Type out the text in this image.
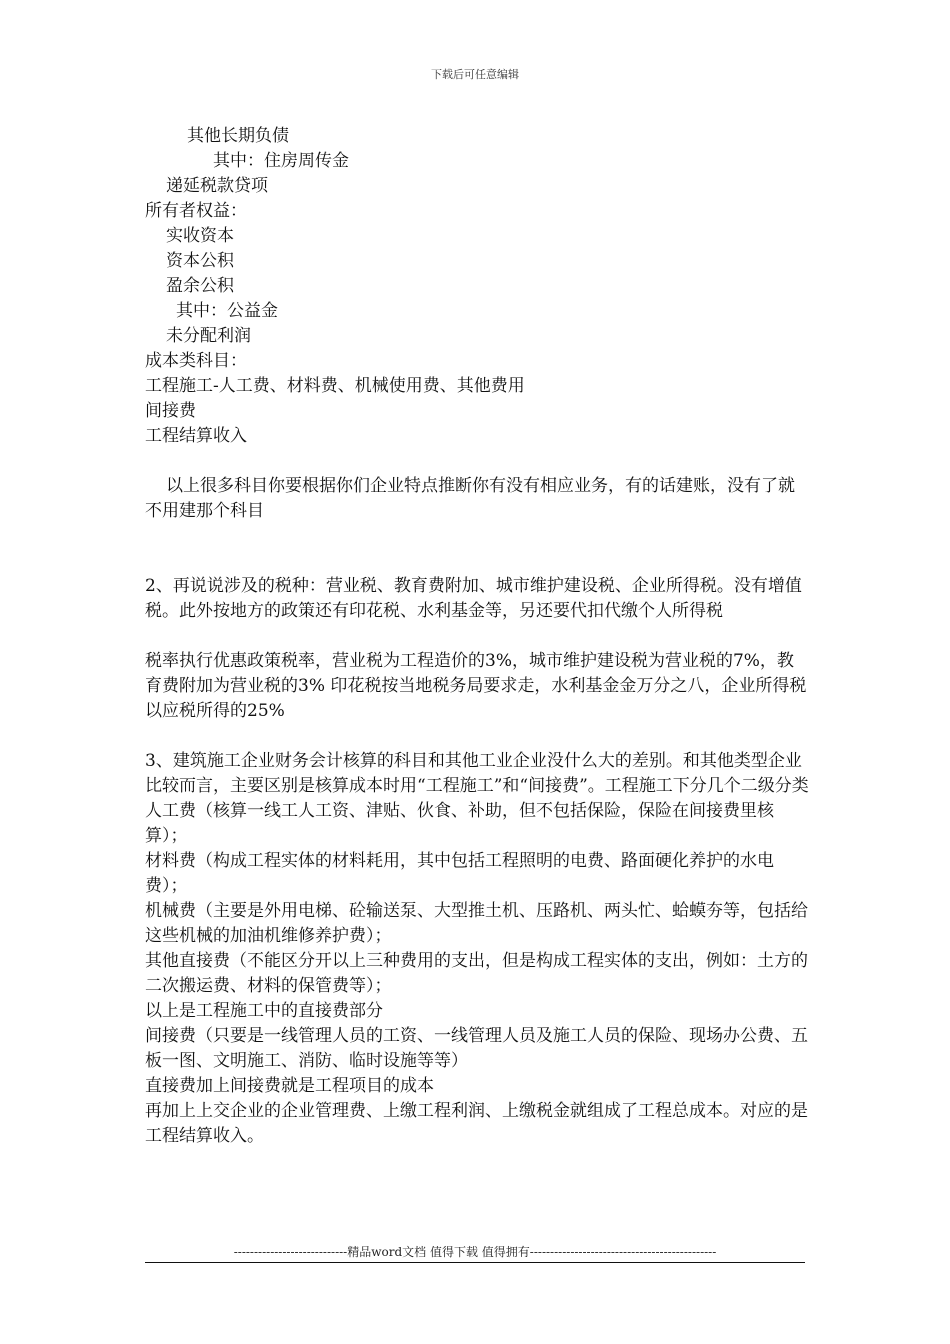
下载后可任意编辑

其他长期负债

其中：住房周传金

递延税款贷项

所有者权益：

实收资本

资本公积

盈余公积

其中：公益金

未分配利润

成本类科目：

工程施工-人工费、材料费、机械使用费、其他费用

间接费

工程结算收入

以上很多科目你要根据你们企业特点推断你有没有相应业务，有的话建账，没有了就不用建那个科目

2、再说说涉及的税种：营业税、教育费附加、城市维护建设税、企业所得税。没有增值税。此外按地方的政策还有印花税、水利基金等，另还要代扣代缴个人所得税

税率执行优惠政策税率，营业税为工程造价的3%，城市维护建设税为营业税的7%，教育费附加为营业税的3% 印花税按当地税务局要求走，水利基金金万分之八，企业所得税以应税所得的25%

3、建筑施工企业财务会计核算的科目和其他工业企业没什么大的差别。和其他类型企业比较而言，主要区别是核算成本时用“工程施工”和“间接费”。工程施工下分几个二级分类

人工费（核算一线工人工资、津贴、伙食、补助，但不包括保险，保险在间接费里核算）；

材料费（构成工程实体的材料耗用，其中包括工程照明的电费、路面硬化养护的水电费）；

机械费（主要是外用电梯、砼输送泵、大型推土机、压路机、两头忙、蛤蟆夯等，包括给这些机械的加油机维修养护费）；

其他直接费（不能区分开以上三种费用的支出，但是构成工程实体的支出，例如：土方的二次搬运费、材料的保管费等）；

以上是工程施工中的直接费部分

间接费（只要是一线管理人员的工资、一线管理人员及施工人员的保险、现场办公费、五板一图、文明施工、消防、临时设施等等）

直接费加上间接费就是工程项目的成本

再加上上交企业的企业管理费、上缴工程利润、上缴税金就组成了工程总成本。对应的是工程结算收入。

----------------------------精品word文档 值得下载 值得拥有----------------------------------------------
